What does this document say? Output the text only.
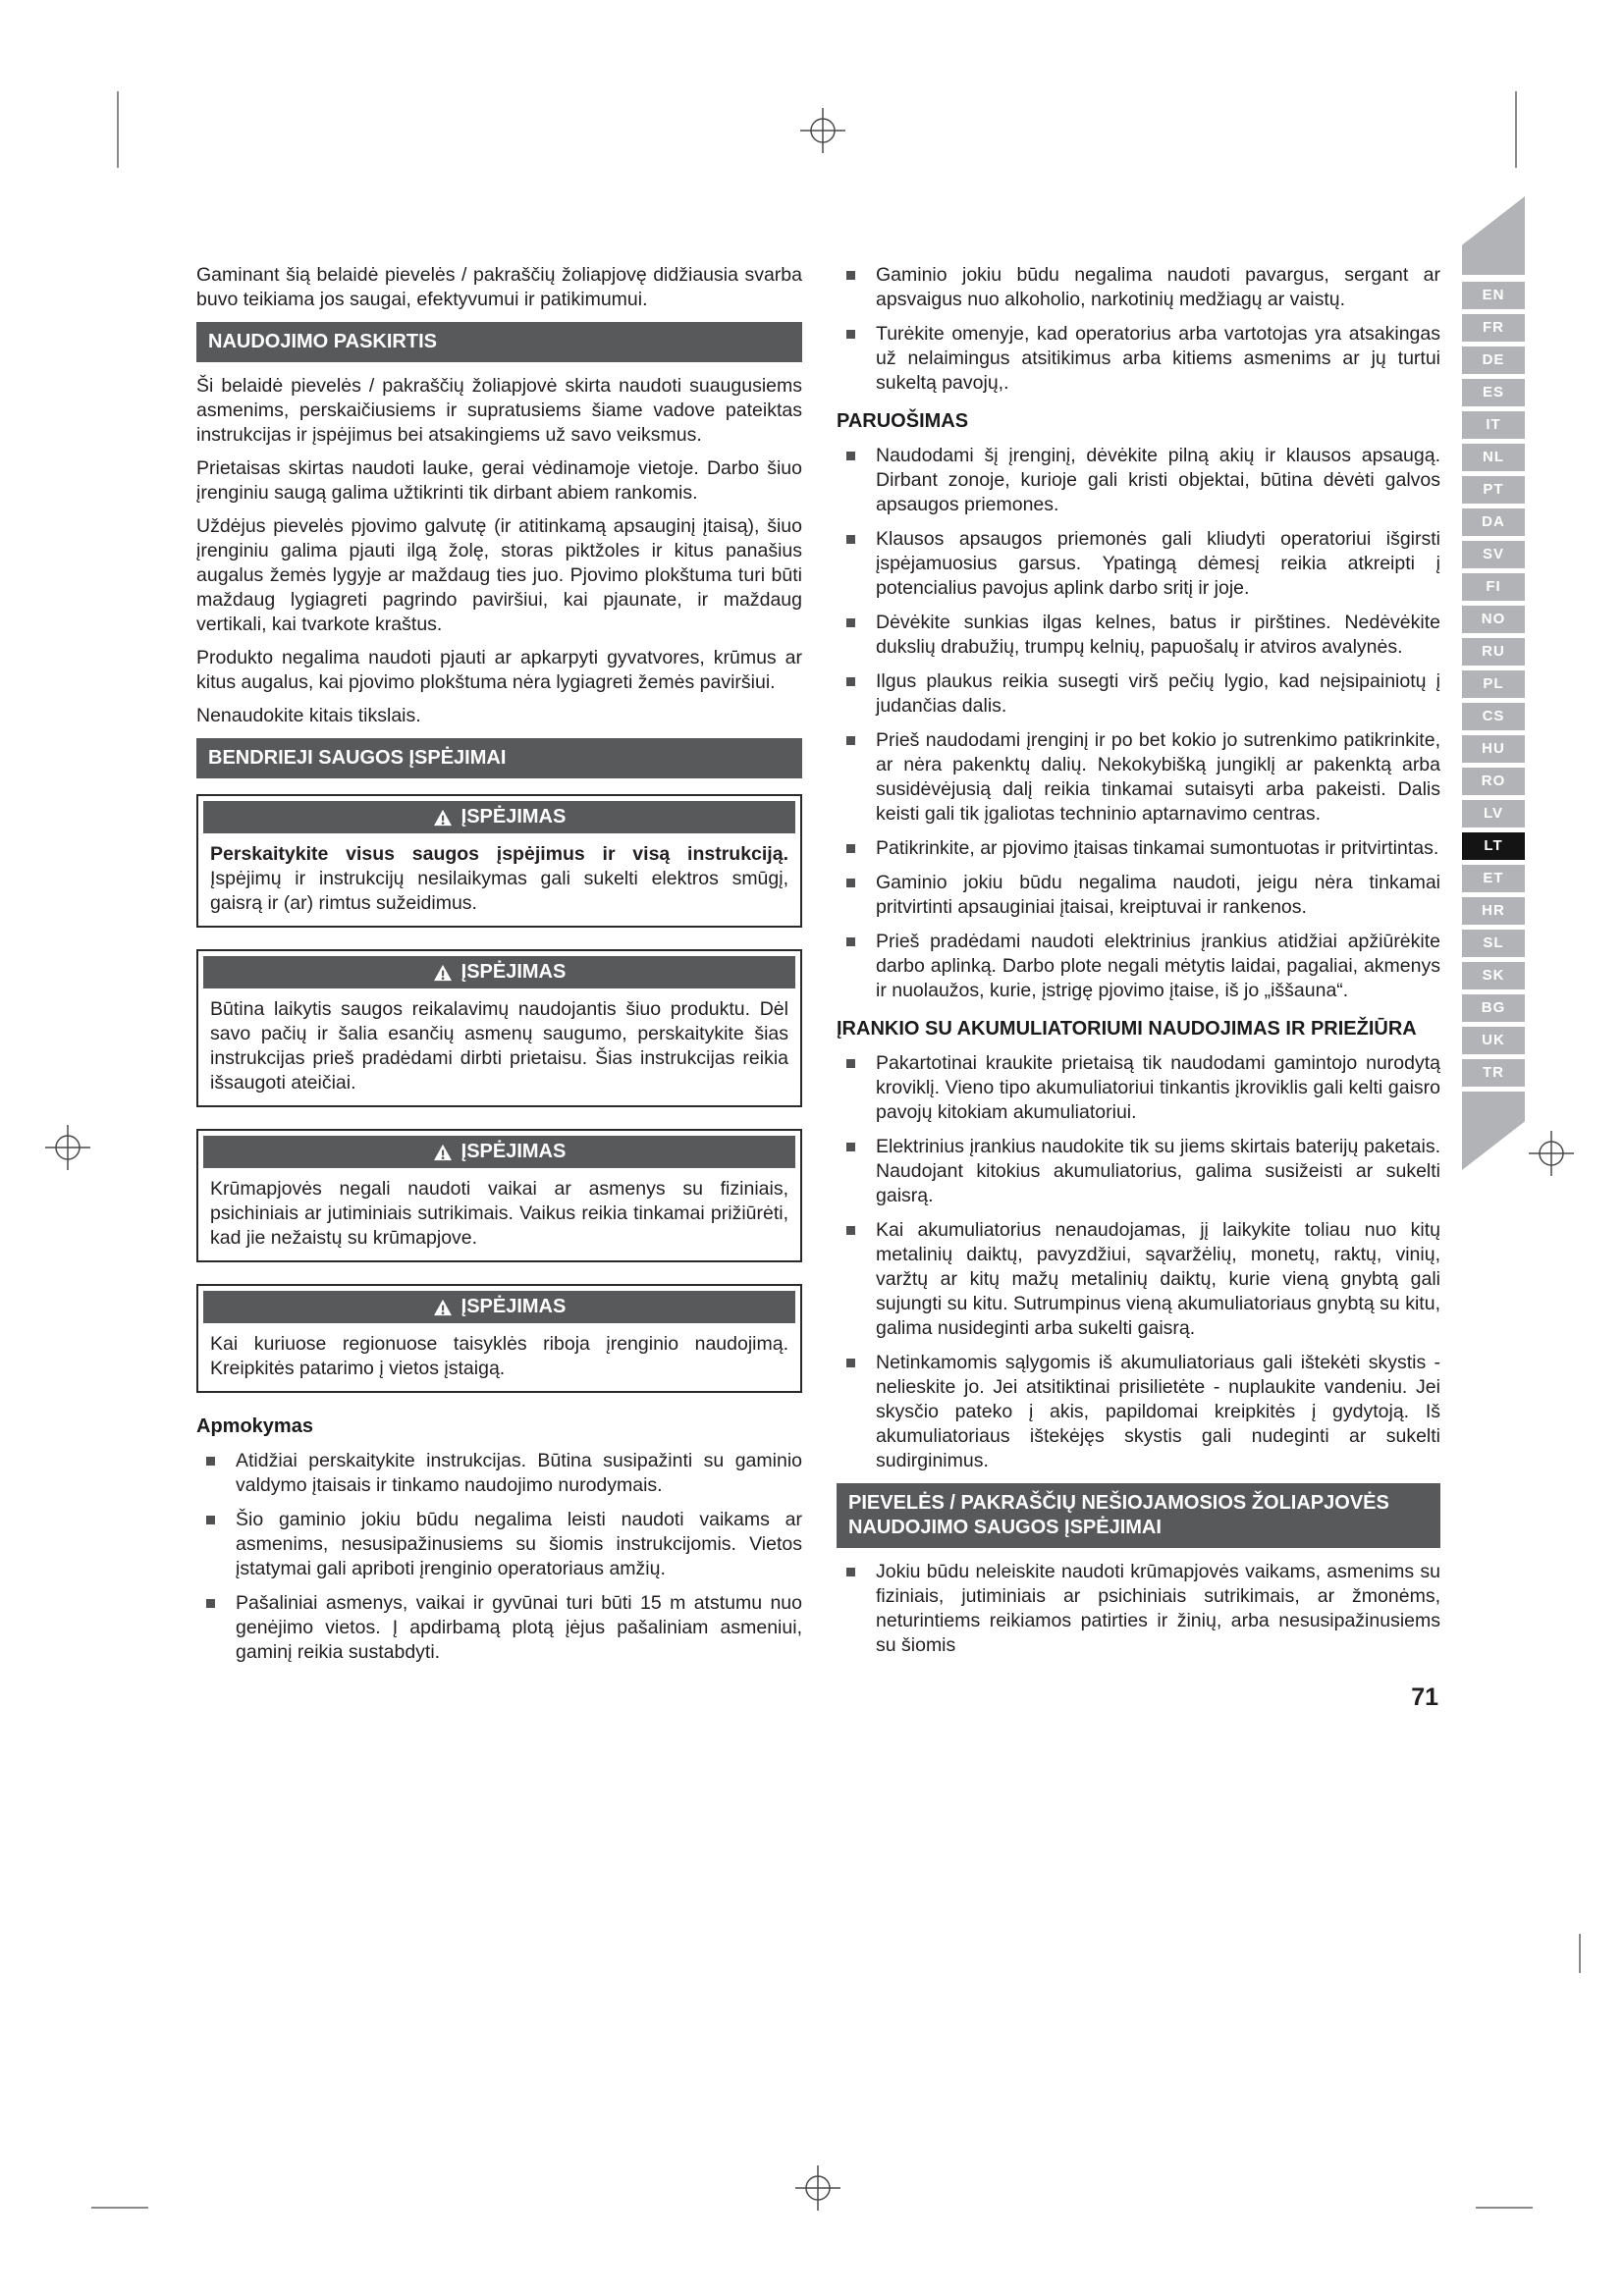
Gaminant šią belaidė pievelės / pakraščių žoliapjovę didžiausia svarba buvo teikiama jos saugai, efektyvumui ir patikimumui.

NAUDOJIMO PASKIRTIS

Ši belaidė pievelės / pakraščių žoliapjovė skirta naudoti suaugusiems asmenims, perskaičiusiems ir supratusiems šiame vadove pateiktas instrukcijas ir įspėjimus bei atsakingiems už savo veiksmus.

Prietaisas skirtas naudoti lauke, gerai vėdinamoje vietoje. Darbo šiuo įrenginiu saugą galima užtikrinti tik dirbant abiem rankomis.

Uždėjus pievelės pjovimo galvutę (ir atitinkamą apsauginį įtaisą), šiuo įrenginiu galima pjauti ilgą žolę, storas piktžoles ir kitus panašius augalus žemės lygyje ar maždaug ties juo. Pjovimo plokštuma turi būti maždaug lygiagreti pagrindo paviršiui, kai pjaunate, ir maždaug vertikali, kai tvarkote kraštus.

Produkto negalima naudoti pjauti ar apkarpyti gyvatvores, krūmus ar kitus augalus, kai pjovimo plokštuma nėra lygiagreti žemės paviršiui.

Nenaudokite kitais tikslais.

BENDRIEJI SAUGOS ĮSPĖJIMAI
ĮSPĖJIMAS
Perskaitykite visus saugos įspėjimus ir visą instrukciją. Įspėjimų ir instrukcijų nesilaikymas gali sukelti elektros smūgį, gaisrą ir (ar) rimtus sužeidimus.
ĮSPĖJIMAS
Būtina laikytis saugos reikalavimų naudojantis šiuo produktu. Dėl savo pačių ir šalia esančių asmenų saugumo, perskaitykite šias instrukcijas prieš pradėdami dirbti prietaisu. Šias instrukcijas reikia išsaugoti ateičiai.
ĮSPĖJIMAS
Krūmapjovės negali naudoti vaikai ar asmenys su fiziniais, psichiniais ar jutiminiais sutrikimais. Vaikus reikia tinkamai prižiūrėti, kad jie nežaistų su krūmapjove.
ĮSPĖJIMAS
Kai kuriuose regionuose taisyklės riboja įrenginio naudojimą. Kreipkitės patarimo į vietos įstaigą.
Apmokymas
Atidžiai perskaitykite instrukcijas. Būtina susipažinti su gaminio valdymo įtaisais ir tinkamo naudojimo nurodymais.
Šio gaminio jokiu būdu negalima leisti naudoti vaikams ar asmenims, nesusipažinusiems su šiomis instrukcijomis. Vietos įstatymai gali apriboti įrenginio operatoriaus amžių.
Pašaliniai asmenys, vaikai ir gyvūnai turi būti 15 m atstumu nuo genėjimo vietos. Į apdirbamą plotą įėjus pašaliniam asmeniui, gaminį reikia sustabdyti.
Gaminio jokiu būdu negalima naudoti pavargus, sergant ar apsvaigus nuo alkoholio, narkotinių medžiagų ar vaistų.
Turėkite omenyje, kad operatorius arba vartotojas yra atsakingas už nelaimingus atsitikimus arba kitiems asmenims ar jų turtui sukeltą pavojų,.
PARUOŠIMAS
Naudodami šį įrenginį, dėvėkite pilną akių ir klausos apsaugą. Dirbant zonoje, kurioje gali kristi objektai, būtina dėvėti galvos apsaugos priemones.
Klausos apsaugos priemonės gali kliudyti operatoriui išgirsti įspėjamuosius garsus. Ypatingą dėmesį reikia atkreipti į potencialius pavojus aplink darbo sritį ir joje.
Dėvėkite sunkias ilgas kelnes, batus ir pirštines. Nedėvėkite dukslių drabužių, trumpų kelnių, papuošalų ir atviros avalynės.
Ilgus plaukus reikia susegti virš pečių lygio, kad neįsipainiotų į judančias dalis.
Prieš naudodami įrenginį ir po bet kokio jo sutrenkimo patikrinkite, ar nėra pakenktų dalių. Nekokybišką jungiklį ar pakenktą arba susidėvėjusią dalį reikia tinkamai sutaisyti arba pakeisti. Dalis keisti gali tik įgaliotas techninio aptarnavimo centras.
Patikrinkite, ar pjovimo įtaisas tinkamai sumontuotas ir pritvirtintas.
Gaminio jokiu būdu negalima naudoti, jeigu nėra tinkamai pritvirtinti apsauginiai įtaisai, kreiptuvai ir rankenos.
Prieš pradėdami naudoti elektrinius įrankius atidžiai apžiūrėkite darbo aplinką. Darbo plote negali mėtytis laidai, pagaliai, akmenys ir nuolaužos, kurie, įstrigę pjovimo įtaise, iš jo „iššauna“.
ĮRANKIO SU AKUMULIATORIUMI NAUDOJIMAS IR PRIEŽIŪRA
Pakartotinai kraukite prietaisą tik naudodami gamintojo nurodytą kroviklį. Vieno tipo akumuliatoriui tinkantis įkroviklis gali kelti gaisro pavojų kitokiam akumuliatoriui.
Elektrinius įrankius naudokite tik su jiems skirtais baterijų paketais. Naudojant kitokius akumuliatorius, galima susižeisti ar sukelti gaisrą.
Kai akumuliatorius nenaudojamas, jį laikykite toliau nuo kitų metalinių daiktų, pavyzdžiui, sąvaržėlių, monetų, raktų, vinių, varžtų ar kitų mažų metalinių daiktų, kurie vieną gnybtą gali sujungti su kitu. Sutrumpinus vieną akumuliatoriaus gnybtą su kitu, galima nusideginti arba sukelti gaisrą.
Netinkamomis sąlygomis iš akumuliatoriaus gali ištekėti skystis - nelieskite jo. Jei atsitiktinai prisilietėte - nuplaukite vandeniu. Jei skysčio pateko į akis, papildomai kreipkitės į gydytoją. Iš akumuliatoriaus ištekėjęs skystis gali nudeginti ar sukelti sudirginimus.
PIEVELĖS / PAKRAŠČIŲ NEŠIOJAMOSIOS ŽOLIAPJOVĖS NAUDOJIMO SAUGOS ĮSPĖJIMAI
Jokiu būdu neleiskite naudoti krūmapjovės vaikams, asmenims su fiziniais, jutiminiais ar psichiniais sutrikimais, ar žmonėms, neturintiems reikiamos patirties ir žinių, arba nesusipažinusiems su šiomis
71
EN
FR
DE
ES
IT
NL
PT
DA
SV
FI
NO
RU
PL
CS
HU
RO
LV
LT
ET
HR
SL
SK
BG
UK
TR
